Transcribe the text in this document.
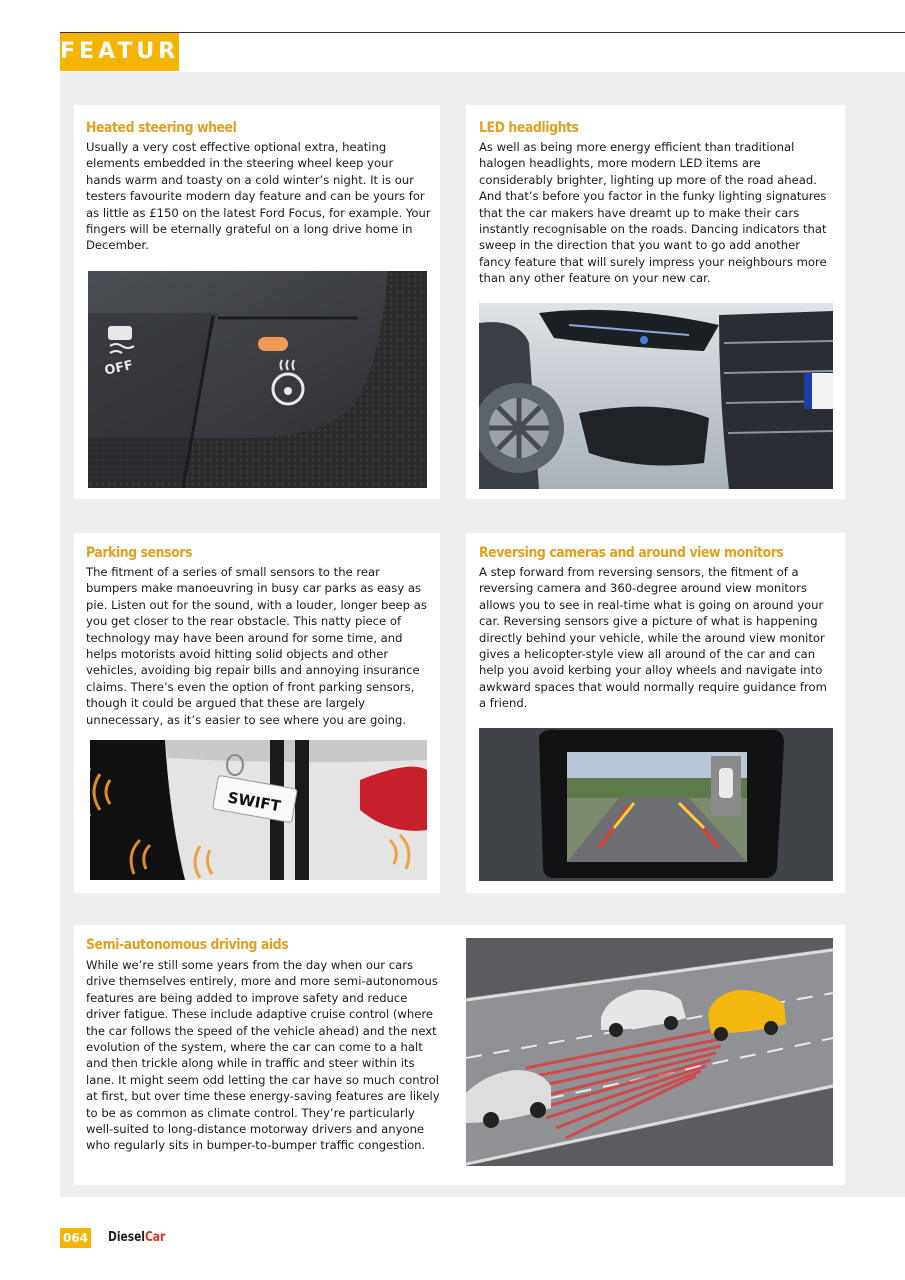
FEATURE
Heated steering wheel
Usually a very cost effective optional extra, heating elements embedded in the steering wheel keep your hands warm and toasty on a cold winter’s night. It is our testers favourite modern day feature and can be yours for as little as £150 on the latest Ford Focus, for example. Your fingers will be eternally grateful on a long drive home in December.
OFF
LED headlights
As well as being more energy efficient than traditional halogen headlights, more modern LED items are considerably brighter, lighting up more of the road ahead. And that’s before you factor in the funky lighting signatures that the car makers have dreamt up to make their cars instantly recognisable on the roads. Dancing indicators that sweep in the direction that you want to go add another fancy feature that will surely impress your neighbours more than any other feature on your new car.
Parking sensors
The fitment of a series of small sensors to the rear bumpers make manoeuvring in busy car parks as easy as pie. Listen out for the sound, with a louder, longer beep as you get closer to the rear obstacle. This natty piece of technology may have been around for some time, and helps motorists avoid hitting solid objects and other vehicles, avoiding big repair bills and annoying insurance claims. There’s even the option of front parking sensors, though it could be argued that these are largely unnecessary, as it’s easier to see where you are going.
SWIFT
Reversing cameras and around view monitors
A step forward from reversing sensors, the fitment of a reversing camera and 360-degree around view monitors allows you to see in real-time what is going on around your car. Reversing sensors give a picture of what is happening directly behind your vehicle, while the around view monitor gives a helicopter-style view all around of the car and can help you avoid kerbing your alloy wheels and navigate into awkward spaces that would normally require guidance from a friend.
Semi-autonomous driving aids
While we’re still some years from the day when our cars drive themselves entirely, more and more semi-autonomous features are being added to improve safety and reduce driver fatigue. These include adaptive cruise control (where the car follows the speed of the vehicle ahead) and the next evolution of the system, where the car can come to a halt and then trickle along while in traffic and steer within its lane. It might seem odd letting the car have so much control at first, but over time these energy-saving features are likely to be as common as climate control. They’re particularly well-suited to long-distance motorway drivers and anyone who regularly sits in bumper-to-bumper traffic congestion.
064 DieselCar
